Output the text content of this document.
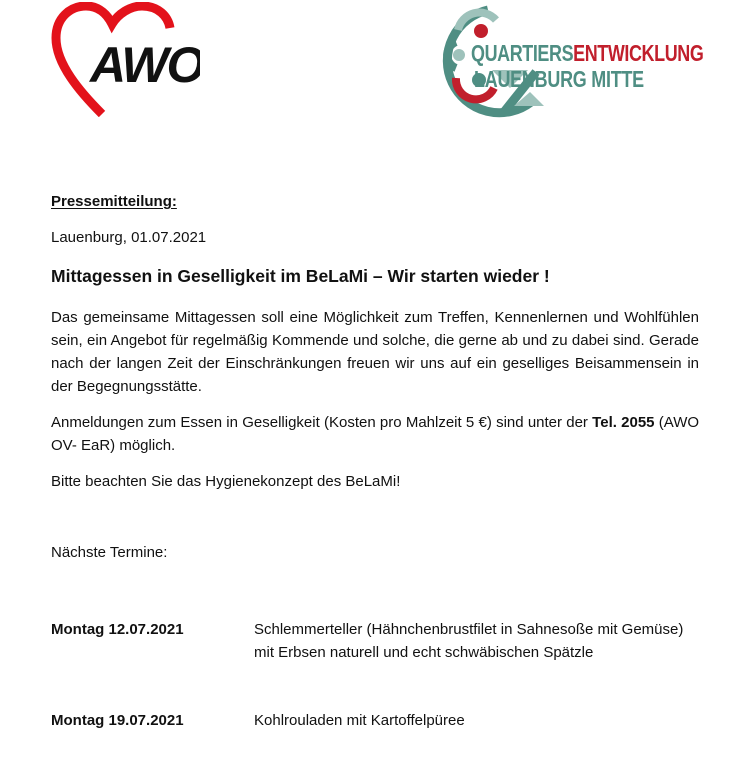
AWO	QUARTIERSENTWICKLUNG
LAUENBURG MITTE
Pressemitteilung:
Lauenburg, 01.07.2021
Mittagessen in Geselligkeit im BeLaMi – Wir starten wieder !
Das gemeinsame Mittagessen soll eine Möglichkeit zum Treffen, Kennenlernen und Wohlfühlen sein, ein Angebot für regelmäßig Kommende und solche, die gerne ab und zu dabei sind. Gerade nach der langen Zeit der Einschränkungen freuen wir uns auf ein geselliges Beisammensein in der Begegnungsstätte.
Anmeldungen zum Essen in Geselligkeit (Kosten pro Mahlzeit 5 €) sind unter der Tel. 2055 (AWO OV- EaR) möglich.
Bitte beachten Sie das Hygienekonzept des BeLaMi!
Nächste Termine:
Montag 12.07.2021	Schlemmerteller (Hähnchenbrustfilet in Sahnesoße mit Gemüse) mit Erbsen naturell und echt schwäbischen Spätzle
Montag 19.07.2021	Kohlrouladen mit Kartoffelpüree
